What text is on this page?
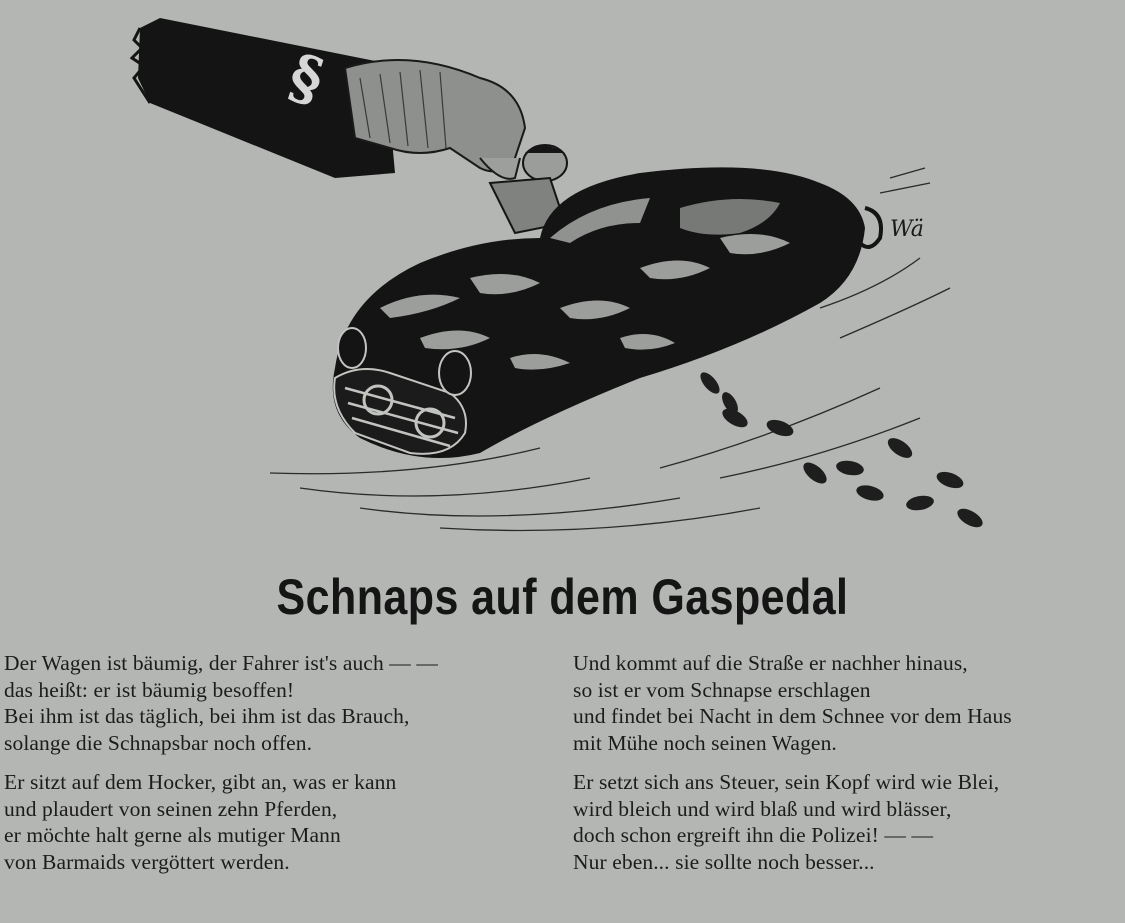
§
Wä
Schnaps auf dem Gaspedal
Der Wagen ist bäumig, der Fahrer ist's auch — —
das heißt: er ist bäumig besoffen!
Bei ihm ist das täglich, bei ihm ist das Brauch,
solange die Schnapsbar noch offen.
Er sitzt auf dem Hocker, gibt an, was er kann
und plaudert von seinen zehn Pferden,
er möchte halt gerne als mutiger Mann
von Barmaids vergöttert werden.
Und kommt auf die Straße er nachher hinaus,
so ist er vom Schnapse erschlagen
und findet bei Nacht in dem Schnee vor dem Haus
mit Mühe noch seinen Wagen.
Er setzt sich ans Steuer, sein Kopf wird wie Blei,
wird bleich und wird blaß und wird blässer,
doch schon ergreift ihn die Polizei! — —
Nur eben... sie sollte noch besser...
